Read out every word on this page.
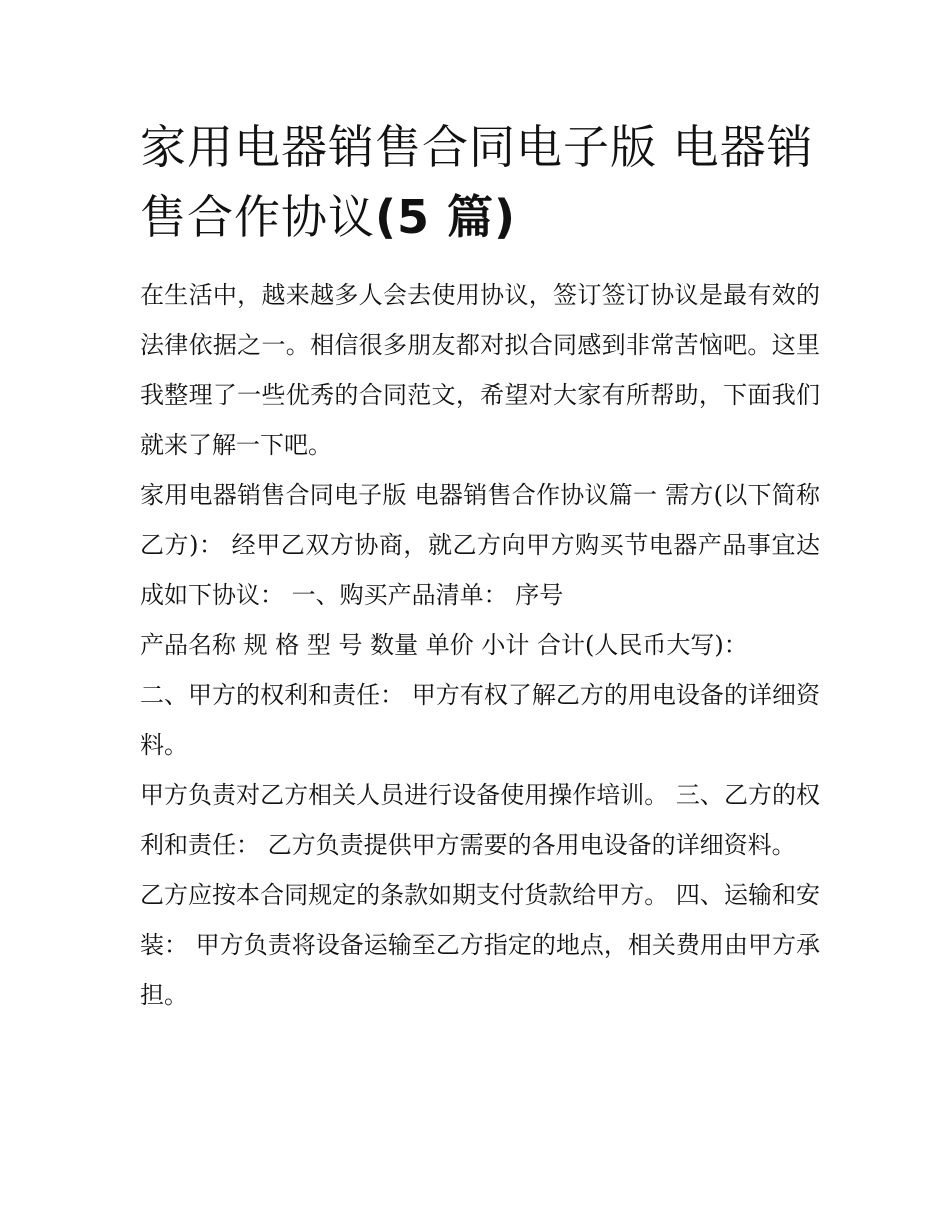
家用电器销售合同电子版 电器销售合作协议(5 篇)

在生活中，越来越多人会去使用协议，签订签订协议是最有效的法律依据之一。相信很多朋友都对拟合同感到非常苦恼吧。这里我整理了一些优秀的合同范文，希望对大家有所帮助，下面我们就来了解一下吧。

家用电器销售合同电子版 电器销售合作协议篇一 需方(以下简称乙方)： 经甲乙双方协商，就乙方向甲方购买节电器产品事宜达成如下协议： 一、购买产品清单： 序号

产品名称 规 格 型 号 数量 单价 小计 合计(人民币大写)：

二、甲方的权利和责任： 甲方有权了解乙方的用电设备的详细资料。

甲方负责对乙方相关人员进行设备使用操作培训。 三、乙方的权利和责任： 乙方负责提供甲方需要的各用电设备的详细资料。

乙方应按本合同规定的条款如期支付货款给甲方。 四、运输和安装： 甲方负责将设备运输至乙方指定的地点，相关费用由甲方承担。
